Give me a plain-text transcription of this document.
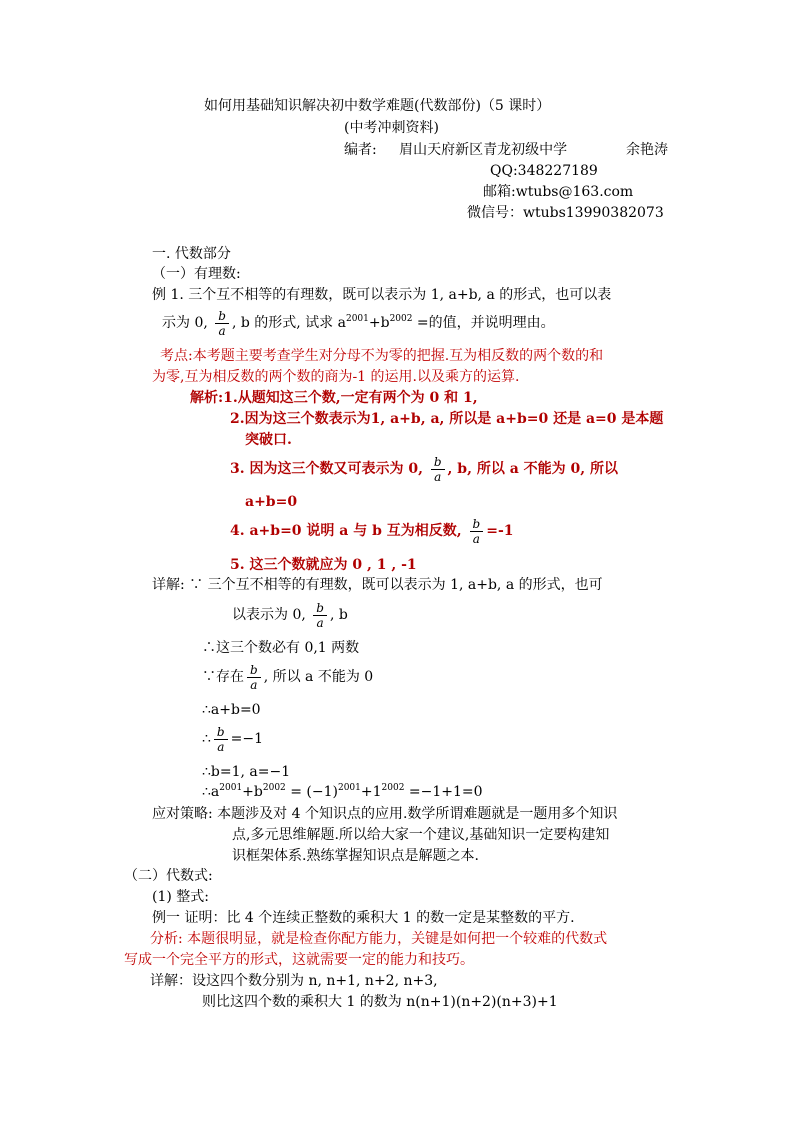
如何用基础知识解决初中数学难题(代数部份)（5 课时）
(中考冲刺资料)
编者: 眉山天府新区青龙初级中学	余艳涛
QQ:348227189
邮箱:wtubs@163.com
微信号：wtubs13990382073
一. 代数部分
（一）有理数:
例 1. 三个互不相等的有理数，既可以表示为 1, a+b, a 的形式，也可以表
示为 0, $\frac{b}{a}$ , b 的形式, 试求 $a^{2001}+b^{2002}$ =的值，并说明理由。
考点:本考题主要考查学生对分母不为零的把握.互为相反数的两个数的和
为零,互为相反数的两个数的商为-1 的运用.以及乘方的运算.
解析:1.从题知这三个数,一定有两个为 0 和 1,
2.因为这三个数表示为1, a+b, a, 所以是 a+b=0 还是 a=0 是本题
突破口.
3. 因为这三个数又可表示为 0, $\frac{b}{a}$ , b, 所以 a 不能为 0, 所以
a+b=0
4. a+b=0 说明 a 与 b 互为相反数, $\frac{b}{a} =-1$
5. 这三个数就应为 0 , 1 , -1
详解: ∵ 三个互不相等的有理数，既可以表示为 1, a+b, a 的形式，也可
以表示为 0, $\frac{b}{a}$ , b
∴这三个数必有 0,1 两数
∵存在 $\frac{b}{a}$ , 所以 a 不能为 0
∴a+b=0
∴ $\frac{b}{a} =-1$
∴b=1, a=−1
$\therefore a^{2001}+b^{2002} = (-1)^{2001}+1^{2002} =-1+1=0$
应对策略: 本题涉及对 4 个知识点的应用.数学所谓难题就是一题用多个知识
点,多元思维解题.所以给大家一个建议,基础知识一定要构建知
识框架体系.熟练掌握知识点是解题之本.
（二）代数式:
(1) 整式:
例一 证明：比 4 个连续正整数的乘积大 1 的数一定是某整数的平方.
分析: 本题很明显，就是检查你配方能力，关键是如何把一个较难的代数式
写成一个完全平方的形式，这就需要一定的能力和技巧。
详解：设这四个数分别为 n, n+1, n+2, n+3,
则比这四个数的乘积大 1 的数为 n(n+1)(n+2)(n+3)+1
